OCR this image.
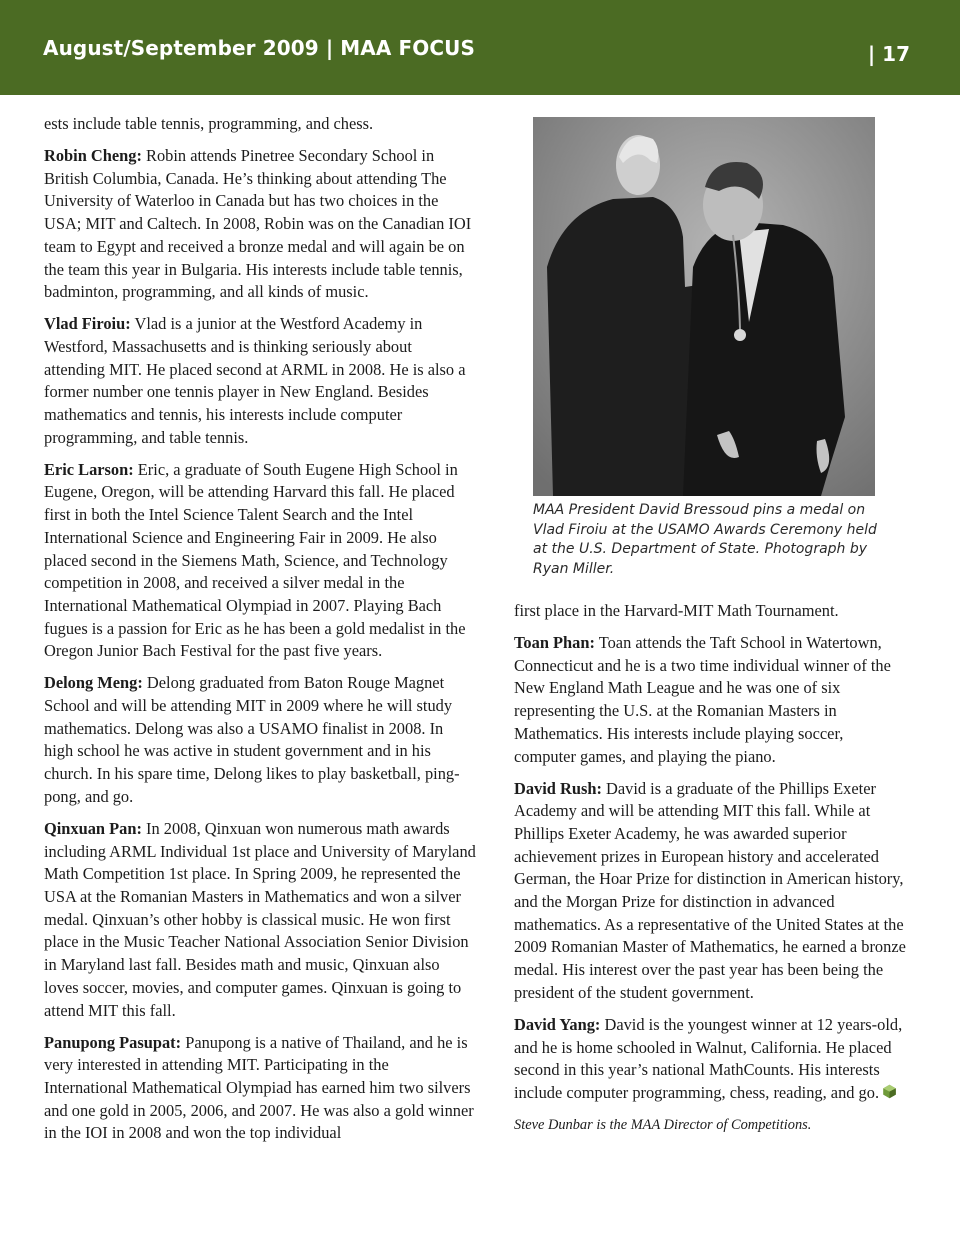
August/September 2009 | MAA FOCUS	| 17

ests include table tennis, programming, and chess.

Robin Cheng: Robin attends Pinetree Secondary School in British Columbia, Canada. He’s thinking about attending The University of Waterloo in Canada but has two choices in the USA; MIT and Caltech. In 2008, Robin was on the Canadian IOI team to Egypt and received a bronze medal and will again be on the team this year in Bulgaria. His interests include table tennis, badminton, programming, and all kinds of music.

Vlad Firoiu: Vlad is a junior at the Westford Academy in Westford, Massachusetts and is thinking seriously about attending MIT. He placed second at ARML in 2008. He is also a former number one tennis player in New England. Besides mathematics and tennis, his interests include computer programming, and table tennis.

Eric Larson: Eric, a graduate of South Eugene High School in Eugene, Oregon, will be attending Harvard this fall. He placed first in both the Intel Science Talent Search and the Intel International Science and Engineering Fair in 2009. He also placed second in the Siemens Math, Science, and Technology competition in 2008, and received a silver medal in the International Mathematical Olympiad in 2007. Playing Bach fugues is a passion for Eric as he has been a gold medalist in the Oregon Junior Bach Festival for the past five years.

Delong Meng: Delong graduated from Baton Rouge Magnet School and will be attending MIT in 2009 where he will study mathematics. Delong was also a USAMO finalist in 2008. In high school he was active in student government and in his church. In his spare time, Delong likes to play basketball, ping-pong, and go.

Qinxuan Pan: In 2008, Qinxuan won numerous math awards including ARML Individual 1st place and University of Maryland Math Competition 1st place. In Spring 2009, he represented the USA at the Romanian Masters in Mathematics and won a silver medal. Qinxuan’s other hobby is classical music. He won first place in the Music Teacher National Association Senior Division in Maryland last fall. Besides math and music, Qinxuan also loves soccer, movies, and computer games. Qinxuan is going to attend MIT this fall.

Panupong Pasupat: Panupong is a native of Thailand, and he is very interested in attending MIT. Participating in the International Mathematical Olympiad has earned him two silvers and one gold in 2005, 2006, and 2007. He was also a gold winner in the IOI in 2008 and won the top individual

MAA President David Bressoud pins a medal on Vlad Firoiu at the USAMO Awards Ceremony held at the U.S. Department of State. Photograph by Ryan Miller.

first place in the Harvard-MIT Math Tournament.

Toan Phan: Toan attends the Taft School in Watertown, Connecticut and he is a two time individual winner of the New England Math League and he was one of six representing the U.S. at the Romanian Masters in Mathematics. His interests include playing soccer, computer games, and playing the piano.

David Rush: David is a graduate of the Phillips Exeter Academy and will be attending MIT this fall. While at Phillips Exeter Academy, he was awarded superior achievement prizes in European history and accelerated German, the Hoar Prize for distinction in American history, and the Morgan Prize for distinction in advanced mathematics. As a representative of the United States at the 2009 Romanian Master of Mathematics, he earned a bronze medal. His interest over the past year has been being the president of the student government.

David Yang: David is the youngest winner at 12 years-old, and he is home schooled in Walnut, California. He placed second in this year’s national MathCounts. His interests include computer programming, chess, reading, and go.

Steve Dunbar is the MAA Director of Competitions.
